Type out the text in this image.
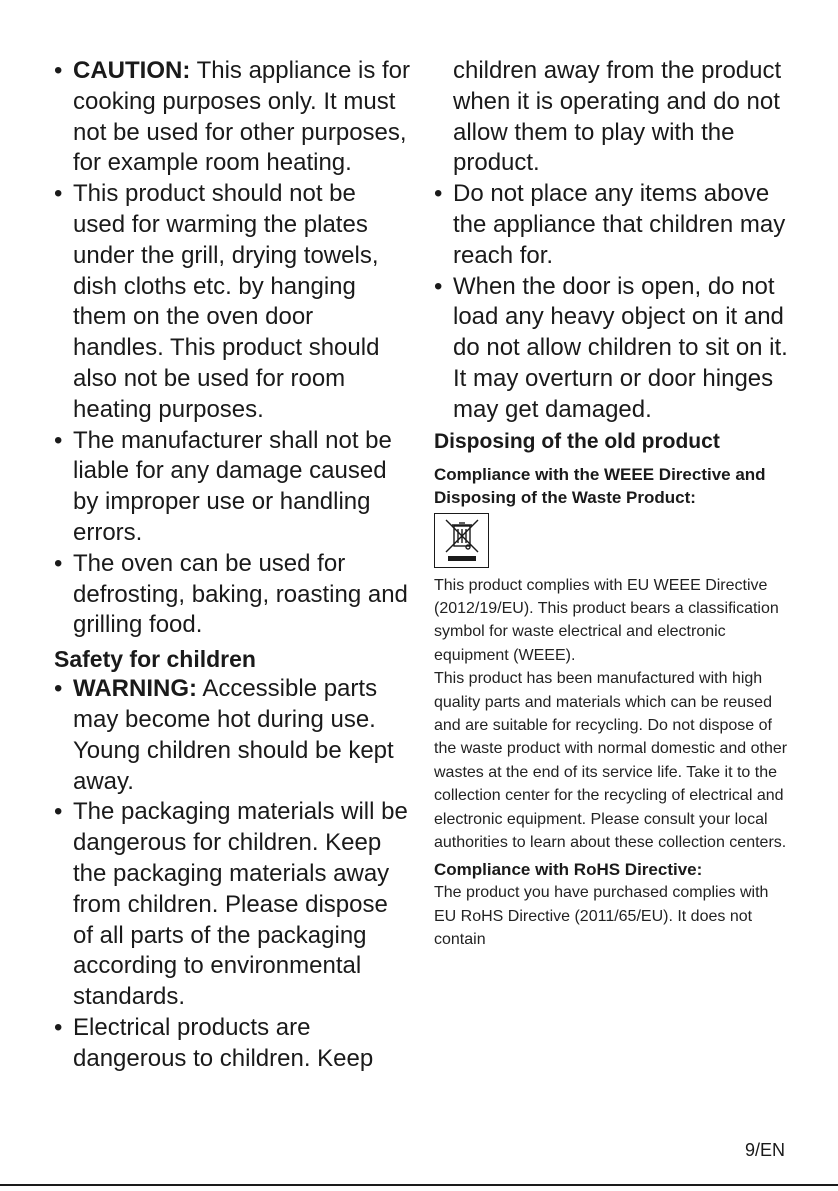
• CAUTION: This appliance is for cooking purposes only. It must not be used for other purposes, for example room heating.
• This product should not be used for warming the plates under the grill, drying towels, dish cloths etc. by hanging them on the oven door handles. This product should also not be used for room heating purposes.
• The manufacturer shall not be liable for any damage caused by improper use or handling errors.
• The oven can be used for defrosting, baking, roasting and grilling food.
Safety for children
• WARNING: Accessible parts may become hot during use. Young children should be kept away.
• The packaging materials will be dangerous for children. Keep the packaging materials away from children. Please dispose of all parts of the packaging according to environmental standards.
• Electrical products are dangerous to children. Keep
children away from the product when it is operating and do not allow them to play with the product.
• Do not place any items above the appliance that children may reach for.
• When the door is open, do not load any heavy object on it and do not allow children to sit on it. It may overturn or door hinges may get damaged.
Disposing of the old product
Compliance with the WEEE Directive and Disposing of the Waste Product:

This product complies with EU WEEE Directive (2012/19/EU). This product bears a classification symbol for waste electrical and electronic equipment (WEEE).

This product has been manufactured with high quality parts and materials which can be reused and are suitable for recycling. Do not dispose of the waste product with normal domestic and other wastes at the end of its service life. Take it to the collection center for the recycling of electrical and electronic equipment. Please consult your local authorities to learn about these collection centers.

Compliance with RoHS Directive:

The product you have purchased complies with EU RoHS Directive (2011/65/EU). It does not contain

9/EN
